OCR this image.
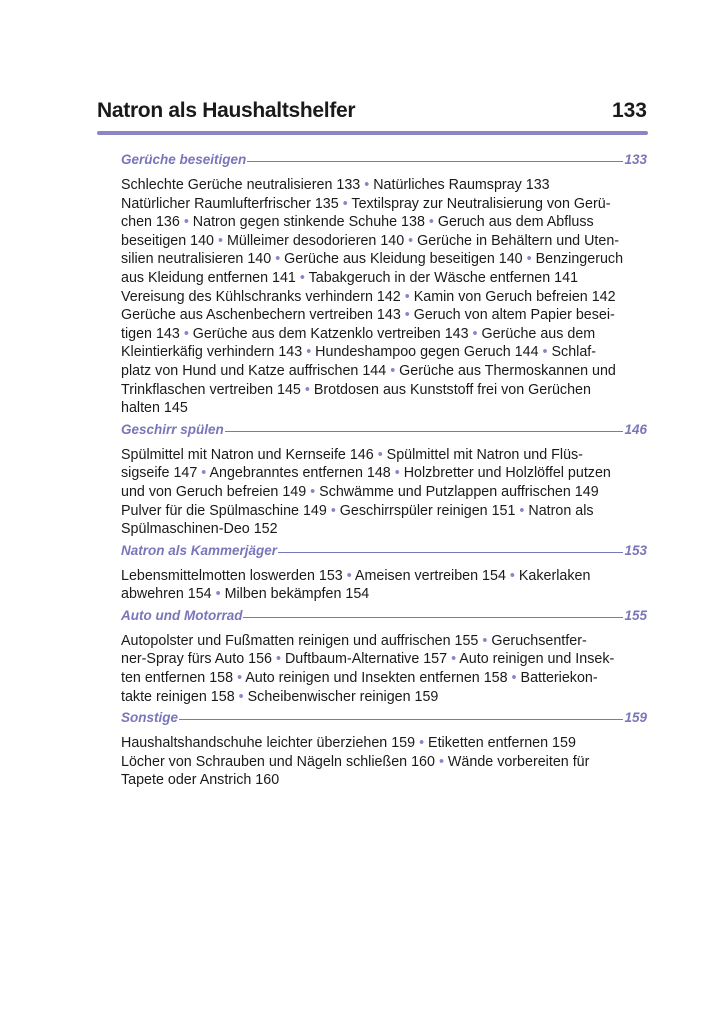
Natron als Haushaltshelfer	133
Gerüche beseitigen	133
Schlechte Gerüche neutralisieren 133 • Natürliches Raumspray 133
Natürlicher Raumlufterfrischer 135 • Textilspray zur Neutralisierung von Gerü-
chen 136 • Natron gegen stinkende Schuhe 138 • Geruch aus dem Abfluss
beseitigen 140 • Mülleimer desodorieren 140 • Gerüche in Behältern und Uten-
silien neutralisieren 140 • Gerüche aus Kleidung beseitigen 140 • Benzingeruch
aus Kleidung entfernen 141 • Tabakgeruch in der Wäsche entfernen 141
Vereisung des Kühlschranks verhindern 142 • Kamin von Geruch befreien 142
Gerüche aus Aschenbechern vertreiben 143 • Geruch von altem Papier besei-
tigen 143 • Gerüche aus dem Katzenklo vertreiben 143 • Gerüche aus dem
Kleintierkäfig verhindern 143 • Hundeshampoo gegen Geruch 144 • Schlaf-
platz von Hund und Katze auffrischen 144 • Gerüche aus Thermoskannen und
Trinkflaschen vertreiben 145 • Brotdosen aus Kunststoff frei von Gerüchen
halten 145
Geschirr spülen	146
Spülmittel mit Natron und Kernseife 146 • Spülmittel mit Natron und Flüs-
sigseife 147 • Angebranntes entfernen 148 • Holzbretter und Holzlöffel putzen
und von Geruch befreien 149 • Schwämme und Putzlappen auffrischen 149
Pulver für die Spülmaschine 149 • Geschirrspüler reinigen 151 • Natron als
Spülmaschinen-Deo 152
Natron als Kammerjäger	153
Lebensmittelmotten loswerden 153 • Ameisen vertreiben 154 • Kakerlaken
abwehren 154 • Milben bekämpfen 154
Auto und Motorrad	155
Autopolster und Fußmatten reinigen und auffrischen 155 • Geruchsentfer-
ner-Spray fürs Auto 156 • Duftbaum-Alternative 157 • Auto reinigen und Insek-
ten entfernen 158 • Auto reinigen und Insekten entfernen 158 • Batteriekon-
takte reinigen 158 • Scheibenwischer reinigen 159
Sonstige	159
Haushaltshandschuhe leichter überziehen 159 • Etiketten entfernen 159
Löcher von Schrauben und Nägeln schließen 160 • Wände vorbereiten für
Tapete oder Anstrich 160
